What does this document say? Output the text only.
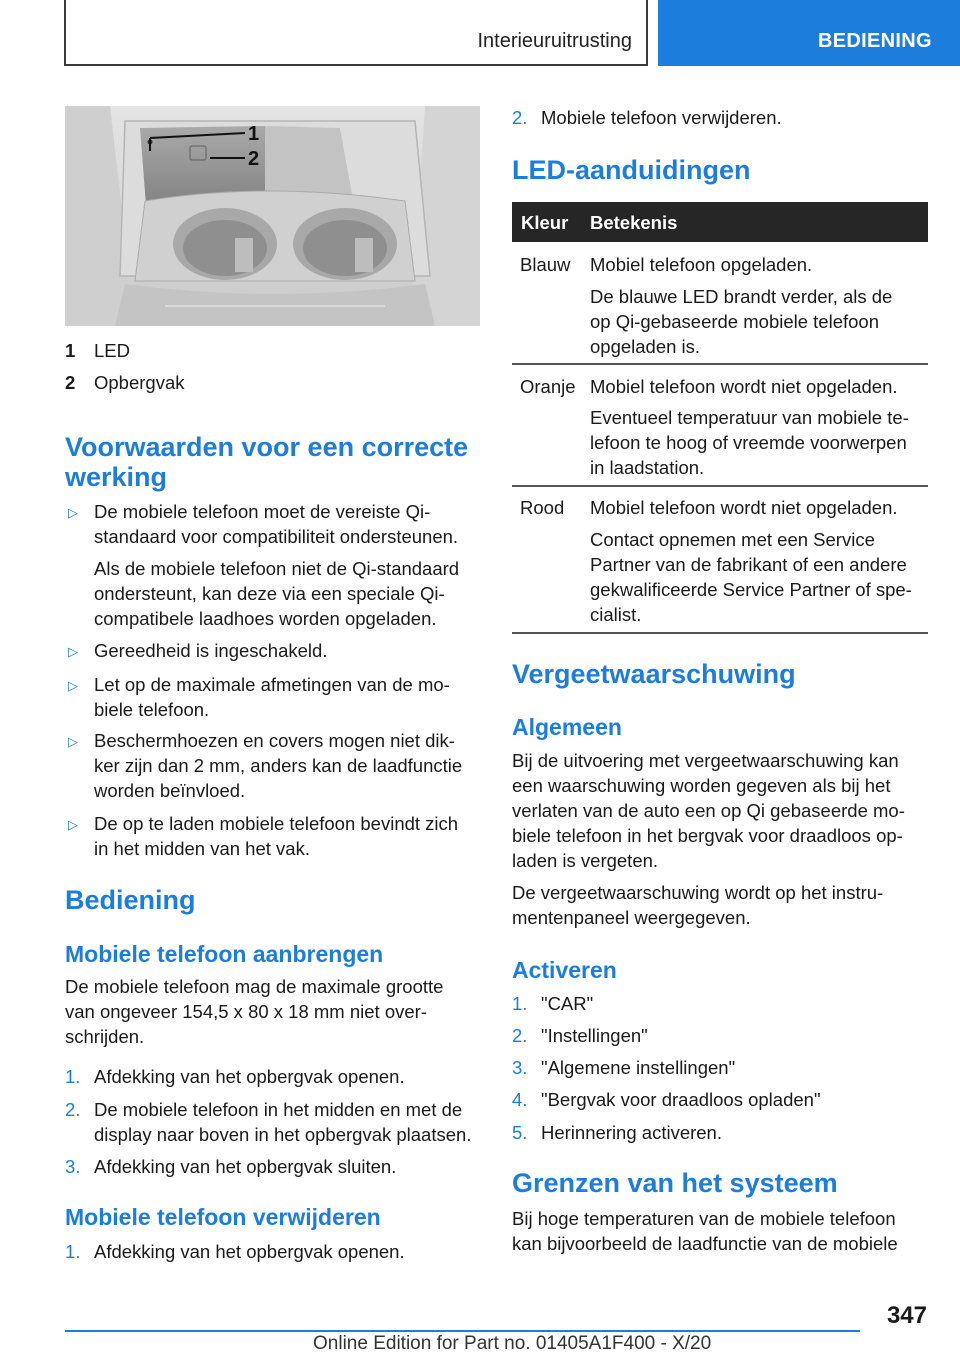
Interieuruitrusting	BEDIENING
1
2
1 LED
2 Opbergvak
Voorwaarden voor een correcte
werking
▷ De mobiele telefoon moet de vereiste Qi-
standaard voor compatibiliteit ondersteunen.
Als de mobiele telefoon niet de Qi-standaard
ondersteunt, kan deze via een speciale Qi-
compatibele laadhoes worden opgeladen.
▷ Gereedheid is ingeschakeld.
▷ Let op de maximale afmetingen van de mo-
biele telefoon.
▷ Beschermhoezen en covers mogen niet dik-
ker zijn dan 2 mm, anders kan de laadfunctie
worden beïnvloed.
▷ De op te laden mobiele telefoon bevindt zich
in het midden van het vak.
Bediening
Mobiele telefoon aanbrengen
De mobiele telefoon mag de maximale grootte
van ongeveer 154,5 x 80 x 18 mm niet over-
schrijden.
1. Afdekking van het opbergvak openen.
2. De mobiele telefoon in het midden en met de
display naar boven in het opbergvak plaatsen.
3. Afdekking van het opbergvak sluiten.
Mobiele telefoon verwijderen
1. Afdekking van het opbergvak openen.
2. Mobiele telefoon verwijderen.
LED-aanduidingen
Kleur Betekenis
Blauw Mobiel telefoon opgeladen.
De blauwe LED brandt verder, als de
op Qi-gebaseerde mobiele telefoon
opgeladen is.
Oranje Mobiel telefoon wordt niet opgeladen.
Eventueel temperatuur van mobiele te-
lefoon te hoog of vreemde voorwerpen
in laadstation.
Rood Mobiel telefoon wordt niet opgeladen.
Contact opnemen met een Service
Partner van de fabrikant of een andere
gekwalificeerde Service Partner of spe-
cialist.
Vergeetwaarschuwing
Algemeen
Bij de uitvoering met vergeetwaarschuwing kan
een waarschuwing worden gegeven als bij het
verlaten van de auto een op Qi gebaseerde mo-
biele telefoon in het bergvak voor draadloos op-
laden is vergeten.
De vergeetwaarschuwing wordt op het instru-
mentenpaneel weergegeven.
Activeren
1. "CAR"
2. "Instellingen"
3. "Algemene instellingen"
4. "Bergvak voor draadloos opladen"
5. Herinnering activeren.
Grenzen van het systeem
Bij hoge temperaturen van de mobiele telefoon
kan bijvoorbeeld de laadfunctie van de mobiele
347
Online Edition for Part no. 01405A1F400 - X/20
